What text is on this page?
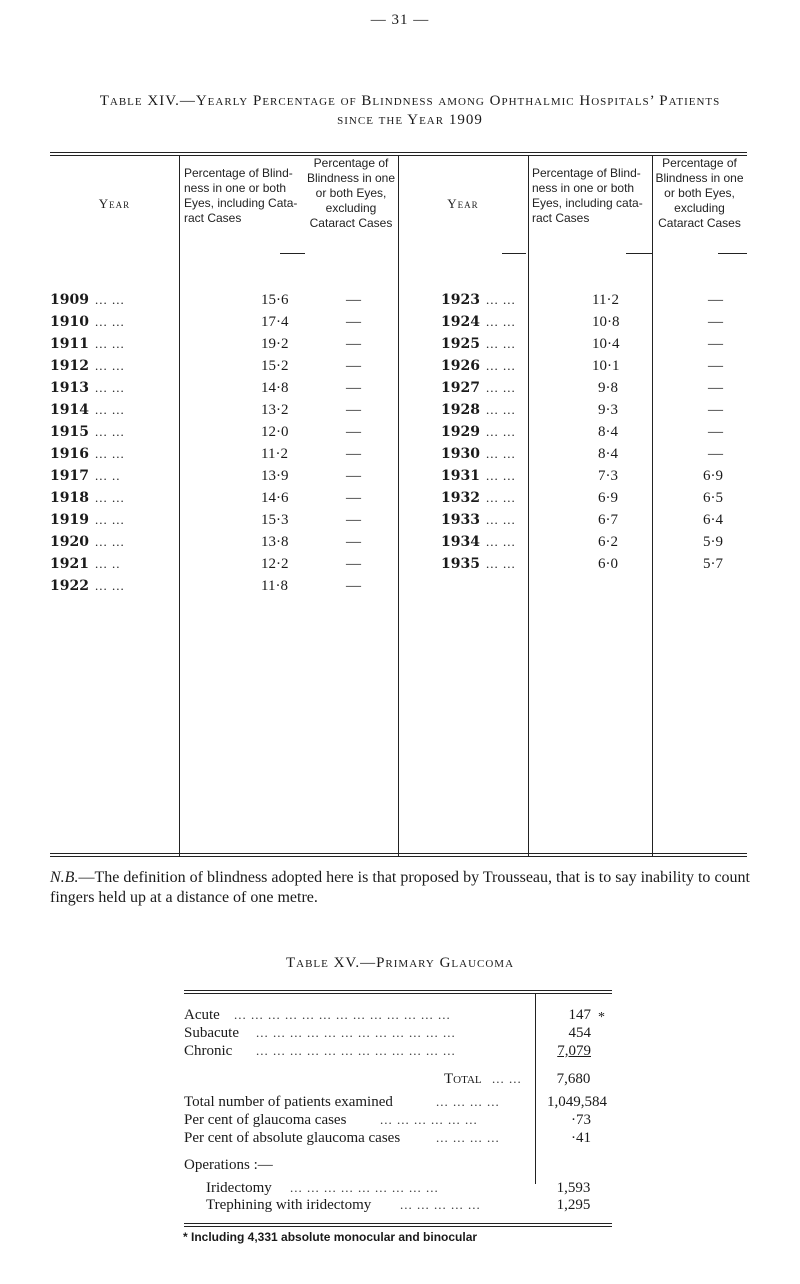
— 31 —
Table XIV.—Yearly Percentage of Blindness among Ophthalmic Hospitals’ Patients
since the Year 1909
Year
Percentage of Blind-
ness in one or both
Eyes, including Cata-
ract Cases
Percentage of
Blindness in one
or both Eyes,
excluding
Cataract Cases
Year
Percentage of Blind-
ness in one or both
Eyes, including cata-
ract Cases
Percentage of
Blindness in one
or both Eyes,
excluding
Cataract Cases
1909 ... ...	15·6	—
1910 ... ...	17·4	—
1911 ... ...	19·2	—
1912 ... ...	15·2	—
1913 ... ...	14·8	—
1914 ... ...	13·2	—
1915 ... ...	12·0	—
1916 ... ...	11·2	—
1917 ... ..	13·9	—
1918 ... ...	14·6	—
1919 ... ...	15·3	—
1920 ... ...	13·8	—
1921 ... ..	12·2	—
1922 ... ...	11·8	—
1923 ... ...	11·2	—
1924 ... ...	10·8	—
1925 ... ...	10·4	—
1926 ... ...	10·1	—
1927 ... ...	9·8	—
1928 ... ...	9·3	—
1929 ... ...	8·4	—
1930 ... ...	8·4	—
1931 ... ...	7·3	6·9
1932 ... ...	6·9	6·5
1933 ... ...	6·7	6·4
1934 ... ...	6·2	5·9
1935 ... ...	6·0	5·7
N.B.—The definition of blindness adopted here is that proposed by Trousseau, that is to say inability to count fingers held up at a distance of one metre.
Table XV.—Primary Glaucoma
Acute ... ... ... ... ... ... ... ... ... ... ... ... ...	147
Subacute ... ... ... ... ... ... ... ... ... ... ... ...	454
Chronic ... ... ... ... ... ... ... ... ... ... ... ...	7,079
*
Total ... ...	7,680
Total number of patients examined	... ... ... ...	1,049,584
Per cent of glaucoma cases	... ... ... ... ... ...	·73
Per cent of absolute glaucoma cases	... ... ... ...	·41
Operations :—
Iridectomy ... ... ... ... ... ... ... ... ...	1,593
Trephining with iridectomy ... ... ... ... ...	1,295
* Including 4,331 absolute monocular and binocular
